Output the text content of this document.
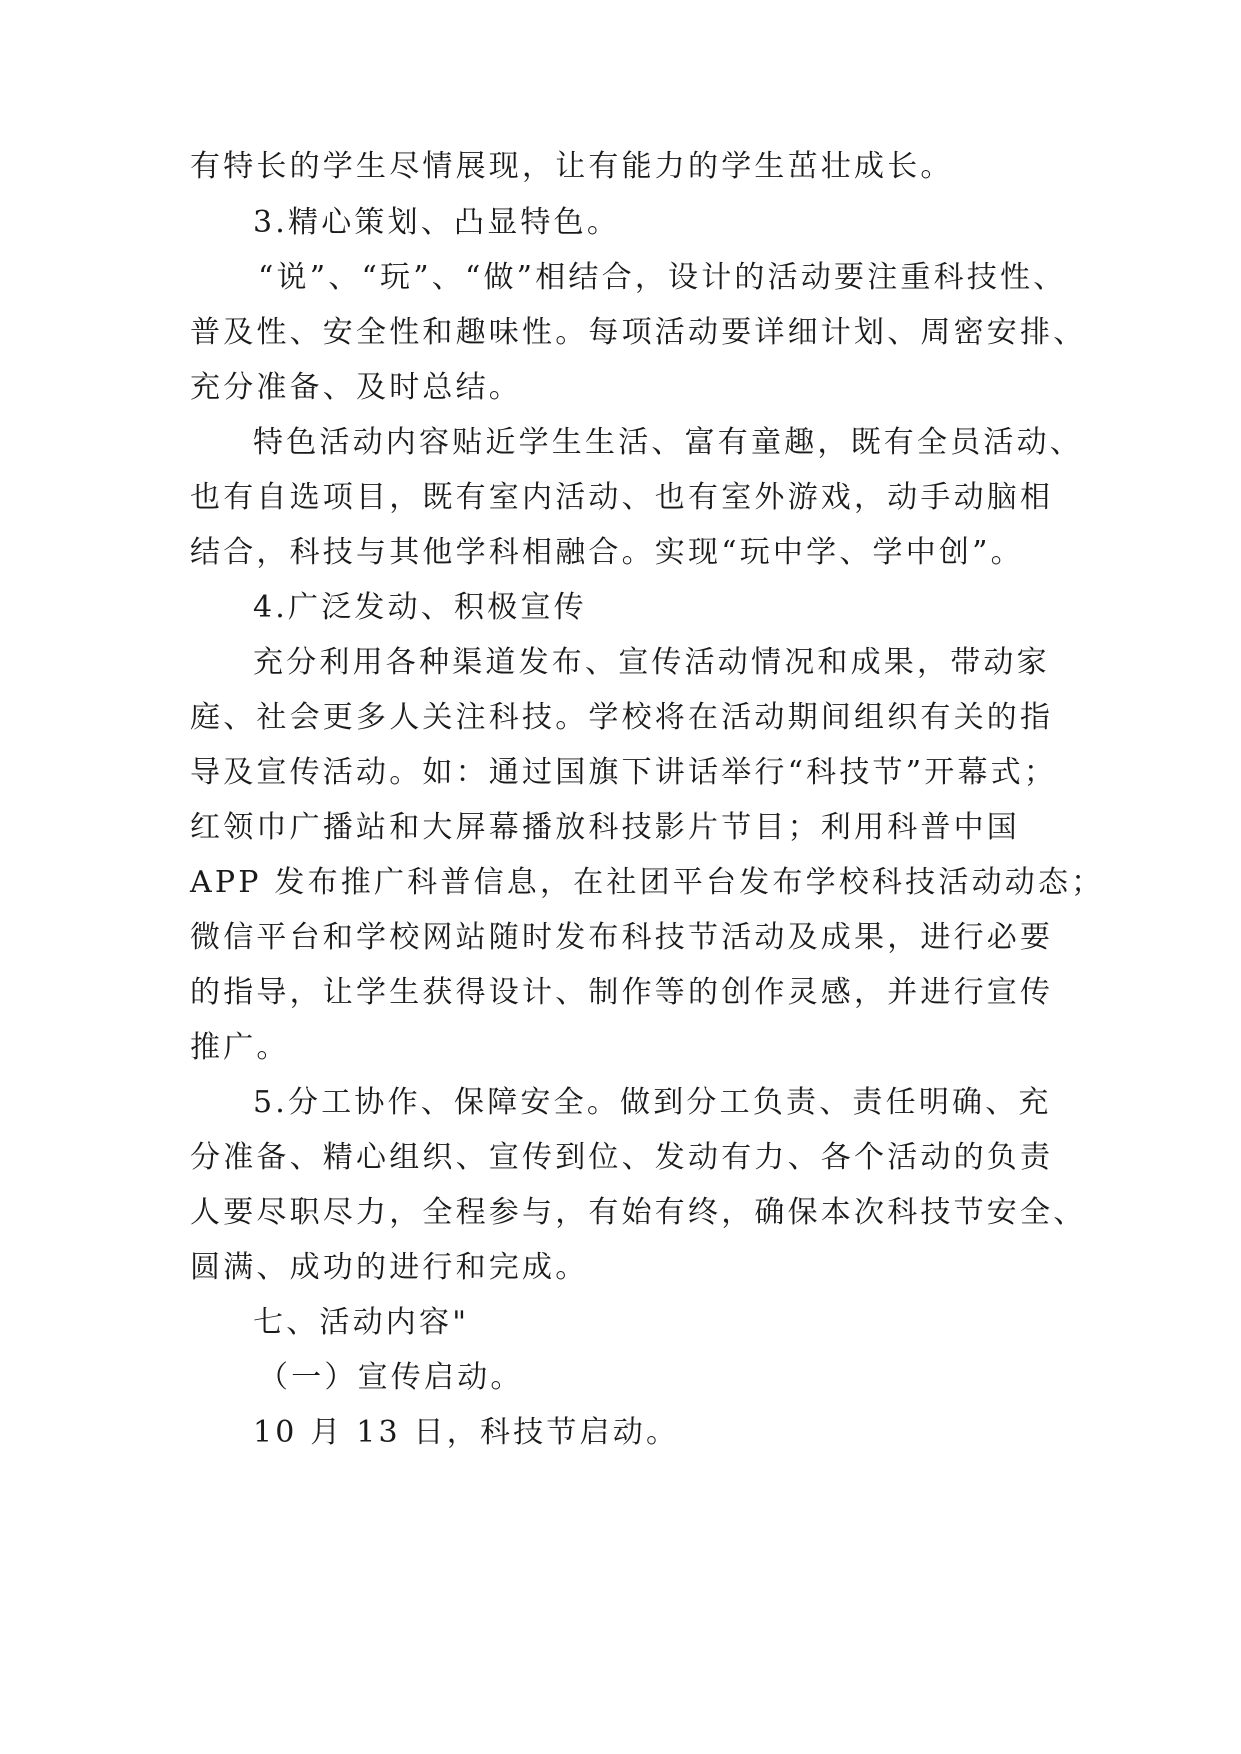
有特长的学生尽情展现，让有能力的学生茁壮成长。
3.精心策划、凸显特色。
“说”、“玩”、“做”相结合，设计的活动要注重科技性、
普及性、安全性和趣味性。每项活动要详细计划、周密安排、
充分准备、及时总结。
特色活动内容贴近学生生活、富有童趣，既有全员活动、
也有自选项目，既有室内活动、也有室外游戏，动手动脑相
结合，科技与其他学科相融合。实现“玩中学、学中创”。
4.广泛发动、积极宣传
充分利用各种渠道发布、宣传活动情况和成果，带动家
庭、社会更多人关注科技。学校将在活动期间组织有关的指
导及宣传活动。如：通过国旗下讲话举行“科技节”开幕式；
红领巾广播站和大屏幕播放科技影片节目；利用科普中国
APP 发布推广科普信息，在社团平台发布学校科技活动动态；
微信平台和学校网站随时发布科技节活动及成果，进行必要
的指导，让学生获得设计、制作等的创作灵感，并进行宣传
推广。
5.分工协作、保障安全。做到分工负责、责任明确、充
分准备、精心组织、宣传到位、发动有力、各个活动的负责
人要尽职尽力，全程参与，有始有终，确保本次科技节安全、
圆满、成功的进行和完成。
七、活动内容"
（一）宣传启动。
10 月 13 日，科技节启动。
